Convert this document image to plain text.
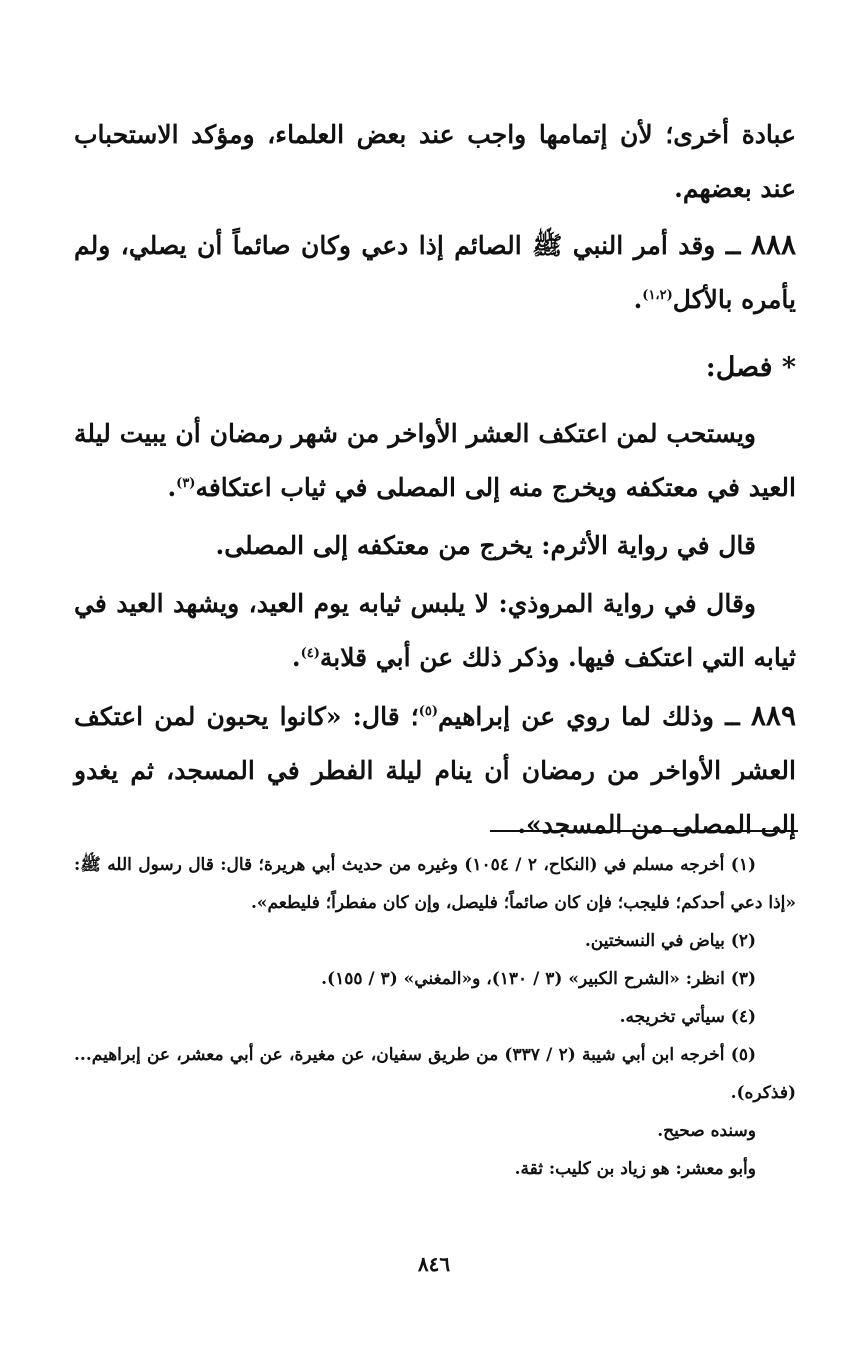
عبادة أخرى؛ لأن إتمامها واجب عند بعض العلماء، ومؤكد الاستحباب عند بعضهم.

٨٨٨ ــ وقد أمر النبي ﷺ الصائم إذا دعي وكان صائماً أن يصلي، ولم يأمره بالأكل$^{(١،٢)}$.

* فصل:

ويستحب لمن اعتكف العشر الأواخر من شهر رمضان أن يبيت ليلة العيد في معتكفه ويخرج منه إلى المصلى في ثياب اعتكافه$^{(٣)}$.

قال في رواية الأثرم: يخرج من معتكفه إلى المصلى.

وقال في رواية المروذي: لا يلبس ثيابه يوم العيد، ويشهد العيد في ثيابه التي اعتكف فيها. وذكر ذلك عن أبي قلابة$^{(٤)}$.

٨٨٩ ــ وذلك لما روي عن إبراهيم$^{(٥)}$؛ قال: «كانوا يحبون لمن اعتكف العشر الأواخر من رمضان أن ينام ليلة الفطر في المسجد، ثم يغدو إلى المصلى من المسجد».

(١) أخرجه مسلم في (النكاح، ٢ / ١٠٥٤) وغيره من حديث أبي هريرة؛ قال: قال رسول الله ﷺ: «إذا دعي أحدكم؛ فليجب؛ فإن كان صائماً؛ فليصل، وإن كان مفطراً؛ فليطعم».

(٢) بياض في النسختين.

(٣) انظر: «الشرح الكبير» (٣ / ١٣٠)، و«المغني» (٣ / ١٥٥).

(٤) سيأتي تخريجه.

(٥) أخرجه ابن أبي شيبة (٢ / ٣٣٧) من طريق سفيان، عن مغيرة، عن أبي معشر، عن إبراهيم... (فذكره).

وسنده صحيح.

وأبو معشر: هو زياد بن كليب: ثقة.

٨٤٦
